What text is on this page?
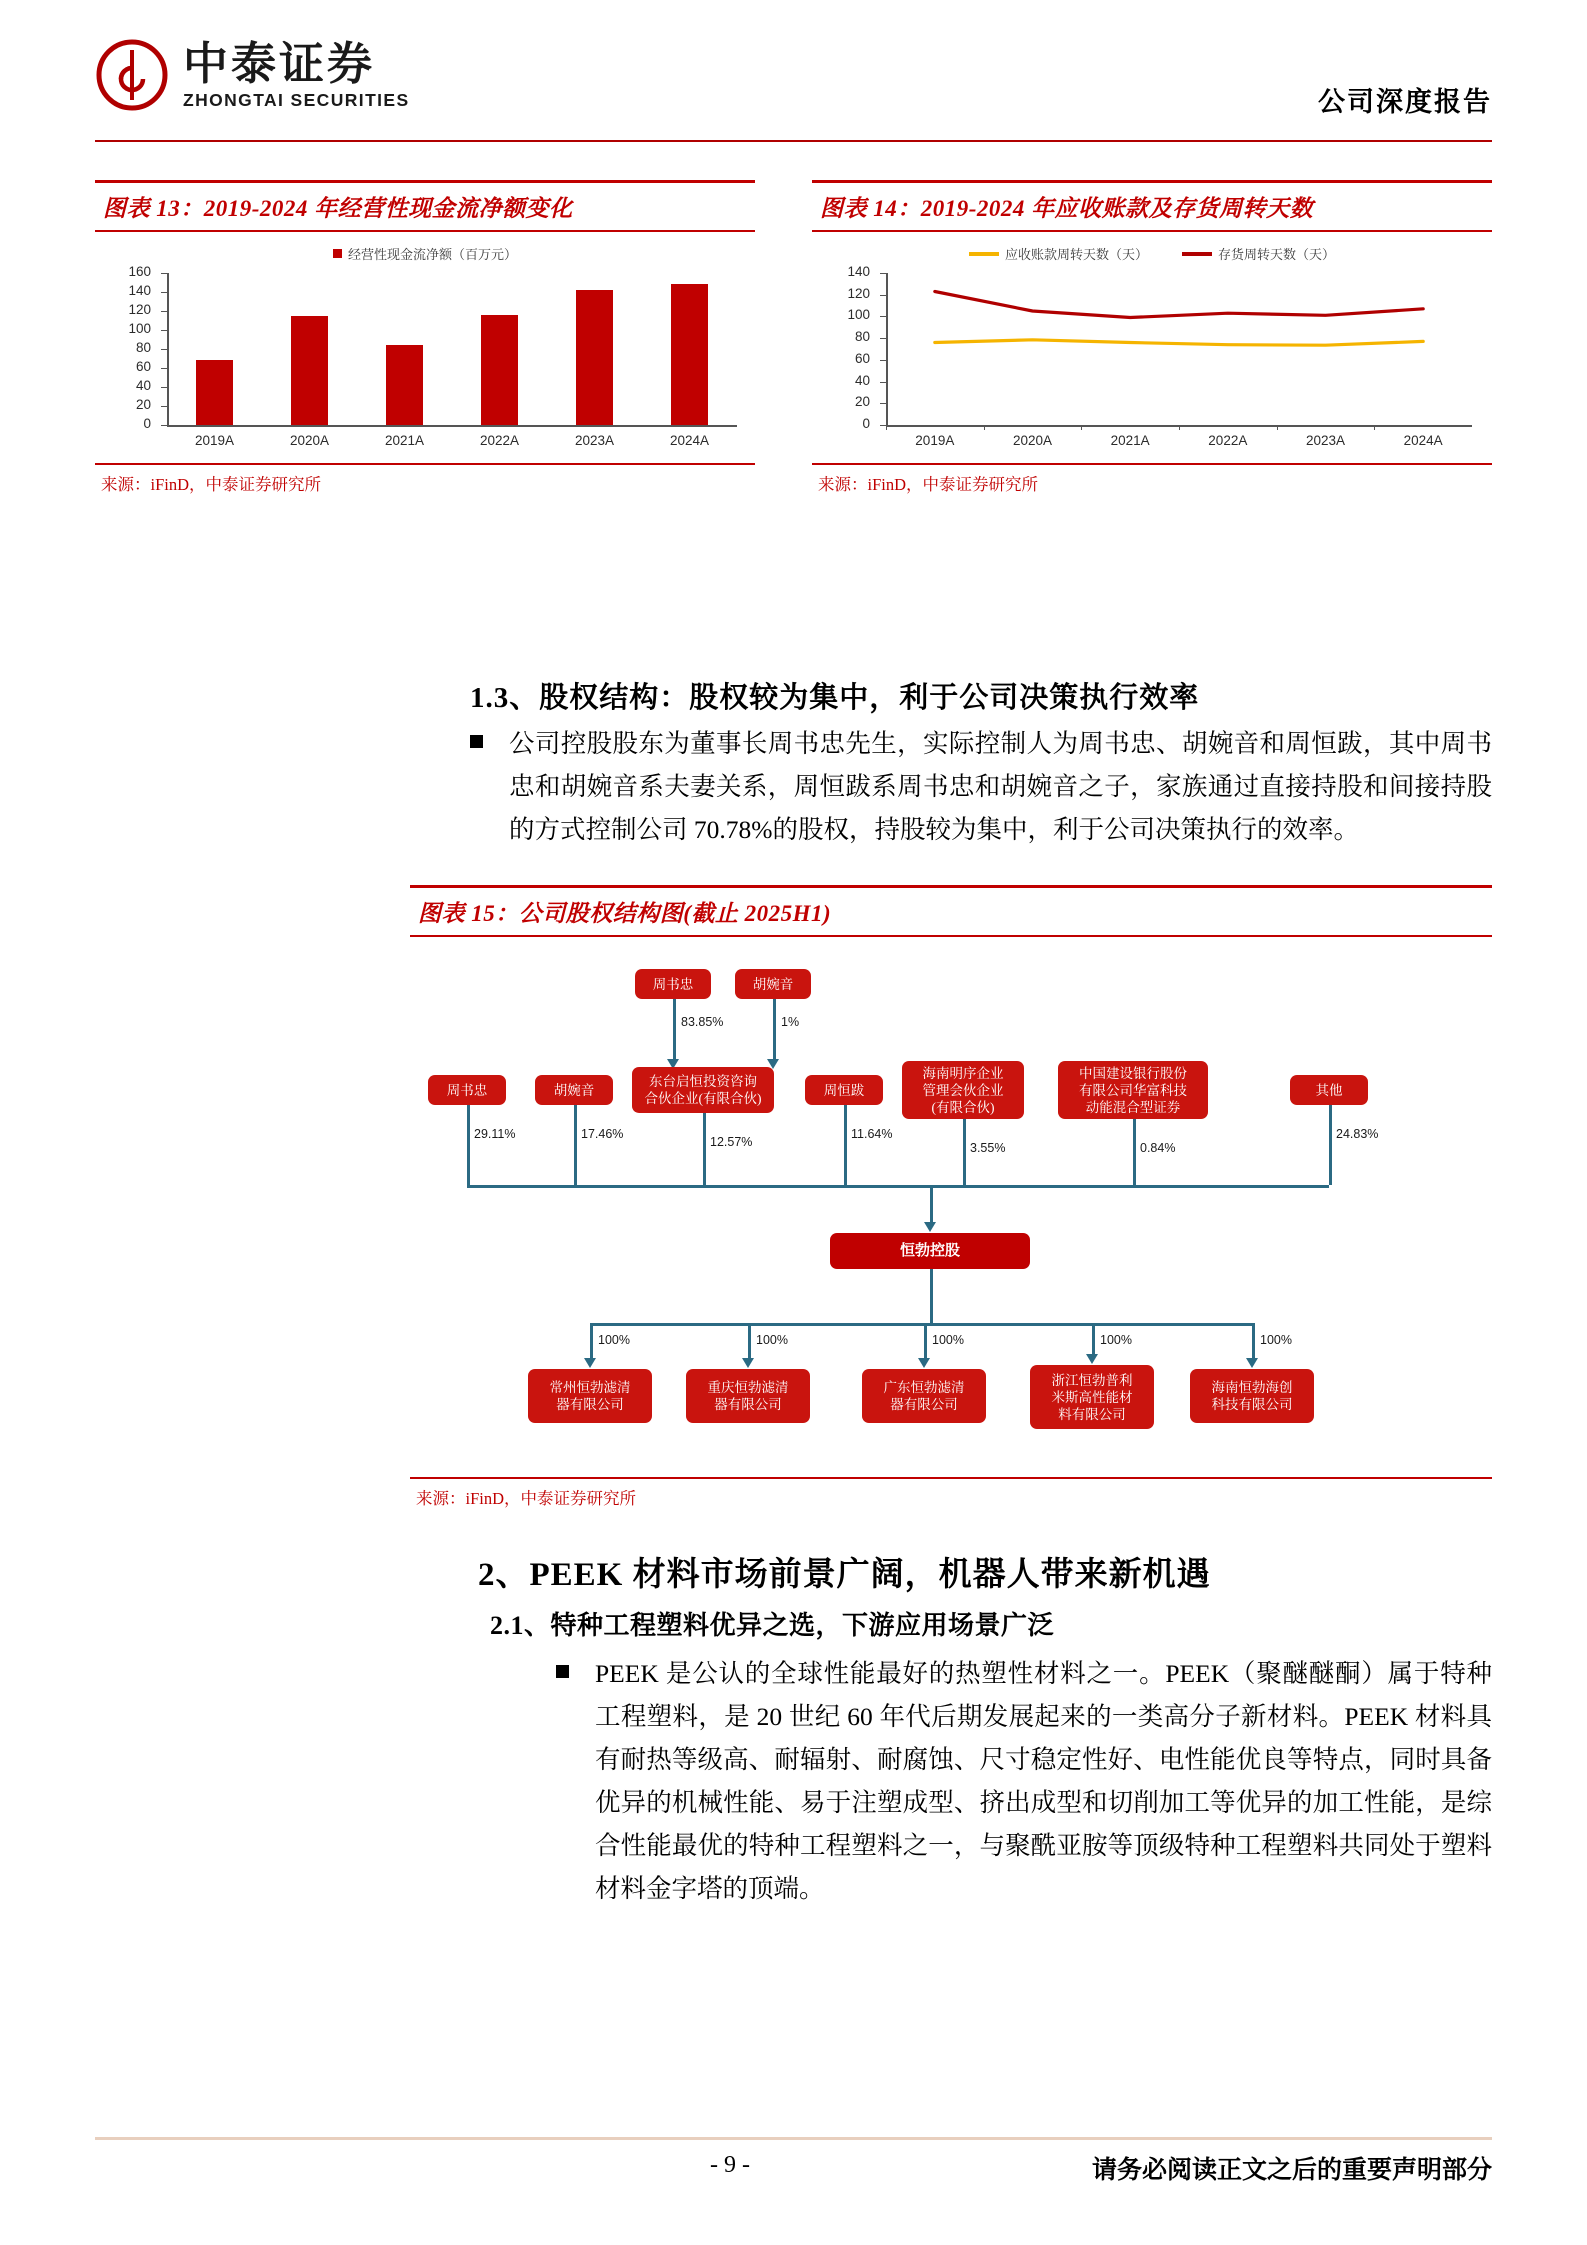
中泰证券
ZHONGTAI SECURITIES	公司深度报告
图表 13：2019-2024 年经营性现金流净额变化
经营性现金流净额（百万元）
0
20
40
60
80
100
120
140
160
2019A	2020A	2021A	2022A	2023A	2024A
来源：iFinD，中泰证券研究所
图表 14：2019-2024 年应收账款及存货周转天数
应收账款周转天数（天）	存货周转天数（天）
0
20
40
60
80
100
120
140
2019A	2020A	2021A	2022A	2023A	2024A
来源：iFinD，中泰证券研究所
1.3、股权结构：股权较为集中，利于公司决策执行效率
公司控股股东为董事长周书忠先生，实际控制人为周书忠、胡婉音和周恒跋，其中周书忠和胡婉音系夫妻关系，周恒跋系周书忠和胡婉音之子，家族通过直接持股和间接持股的方式控制公司 70.78%的股权，持股较为集中，利于公司决策执行的效率。
图表 15：公司股权结构图(截止 2025H1)
周书忠	胡婉音
83.85%	1%
周书忠
29.11%
胡婉音
17.46%
东台启恒投资咨询
合伙企业(有限合伙)
12.57%
周恒跋
11.64%
海南明序企业
管理会伙企业
(有限合伙)
3.55%
中国建设银行股份
有限公司华富科技
动能混合型证券
0.84%
其他
24.83%
恒勃控股
100%
常州恒勃滤清
器有限公司
100%
重庆恒勃滤清
器有限公司
100%
广东恒勃滤清
器有限公司
100%
浙江恒勃普利
米斯高性能材
料有限公司
100%
海南恒勃海创
科技有限公司
来源：iFinD，中泰证券研究所
2、PEEK 材料市场前景广阔，机器人带来新机遇
2.1、特种工程塑料优异之选，下游应用场景广泛
PEEK 是公认的全球性能最好的热塑性材料之一。PEEK（聚醚醚酮）属于特种工程塑料，是 20 世纪 60 年代后期发展起来的一类高分子新材料。PEEK 材料具有耐热等级高、耐辐射、耐腐蚀、尺寸稳定性好、电性能优良等特点，同时具备优异的机械性能、易于注塑成型、挤出成型和切削加工等优异的加工性能，是综合性能最优的特种工程塑料之一，与聚酰亚胺等顶级特种工程塑料共同处于塑料材料金字塔的顶端。
- 9 -	请务必阅读正文之后的重要声明部分
